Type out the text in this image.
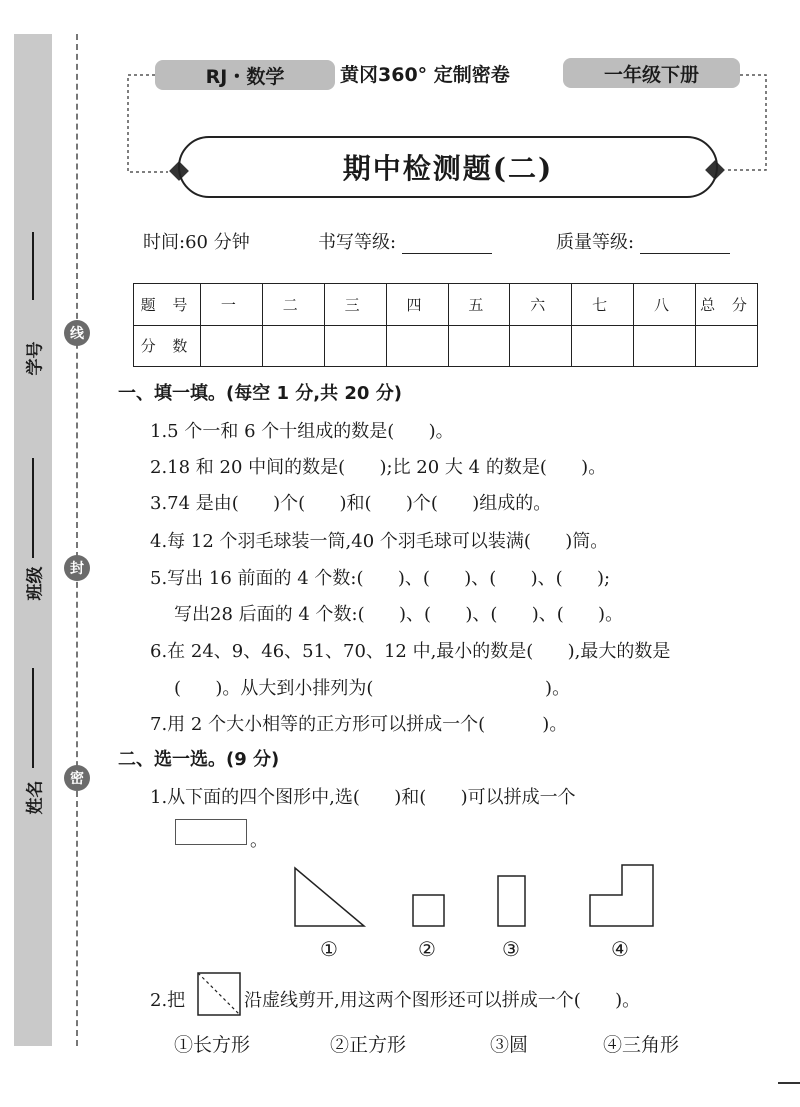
学号
班级
姓名
线
封
密
RJ・数学	黄冈360° 定制密卷	一年级下册
期中检测题(二)
时间:60 分钟	书写等级:	质量等级:
题 号	一	二	三	四	五	六	七	八	总 分
分 数									
一、填一填。(每空 1 分,共 20 分)
1.5 个一和 6 个十组成的数是(      )。
2.18 和 20 中间的数是(      );比 20 大 4 的数是(      )。
3.74 是由(      )个(      )和(      )个(      )组成的。
4.每 12 个羽毛球装一筒,40 个羽毛球可以装满(      )筒。
5.写出 16 前面的 4 个数:(      )、(      )、(      )、(      );
写出28 后面的 4 个数:(      )、(      )、(      )、(      )。
6.在 24、9、46、51、70、12 中,最小的数是(      ),最大的数是
(      )。从大到小排列为(                              )。
7.用 2 个大小相等的正方形可以拼成一个(          )。
二、选一选。(9 分)
1.从下面的四个图形中,选(      )和(      )可以拼成一个
。
①	②	③	④
2.把	沿虚线剪开,用这两个图形还可以拼成一个(      )。
①长方形	②正方形	③圆	④三角形
